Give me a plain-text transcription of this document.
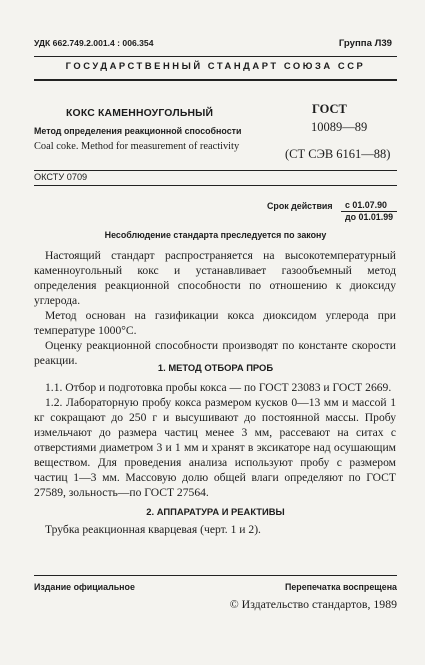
УДК 662.749.2.001.4 : 006.354	Группа Л39
ГОСУДАРСТВЕННЫЙ СТАНДАРТ СОЮЗА ССР
КОКС КАМЕННОУГОЛЬНЫЙ
Метод определения реакционной способности
Coal coke. Method for measurement of reactivity
ГОСТ
10089—89
(СТ СЭВ 6161—88)
ОКСТУ 0709
Срок действия с 01.07.90
до 01.01.99
Несоблюдение стандарта преследуется по закону

Настоящий стандарт распространяется на высокотемпературный каменноугольный кокс и устанавливает газообъемный метод определения реакционной способности по отношению к диоксиду углерода.

Метод основан на газификации кокса диоксидом углерода при температуре 1000°С.

Оценку реакционной способности производят по константе скорости реакции.

1. МЕТОД ОТБОРА ПРОБ

1.1. Отбор и подготовка пробы кокса — по ГОСТ 23083 и ГОСТ 2669.

1.2. Лабораторную пробу кокса размером кусков 0—13 мм и массой 1 кг сокращают до 250 г и высушивают до постоянной массы. Пробу измельчают до размера частиц менее 3 мм, рассевают на ситах с отверстиями диаметром 3 и 1 мм и хранят в эксикаторе над осушающим веществом. Для проведения анализа используют пробу с размером частиц 1—3 мм. Массовую долю общей влаги определяют по ГОСТ 27589, зольность—по ГОСТ 27564.

2. АППАРАТУРА И РЕАКТИВЫ

Трубка реакционная кварцевая (черт. 1 и 2).

Издание официальное	Перепечатка воспрещена
© Издательство стандартов, 1989
